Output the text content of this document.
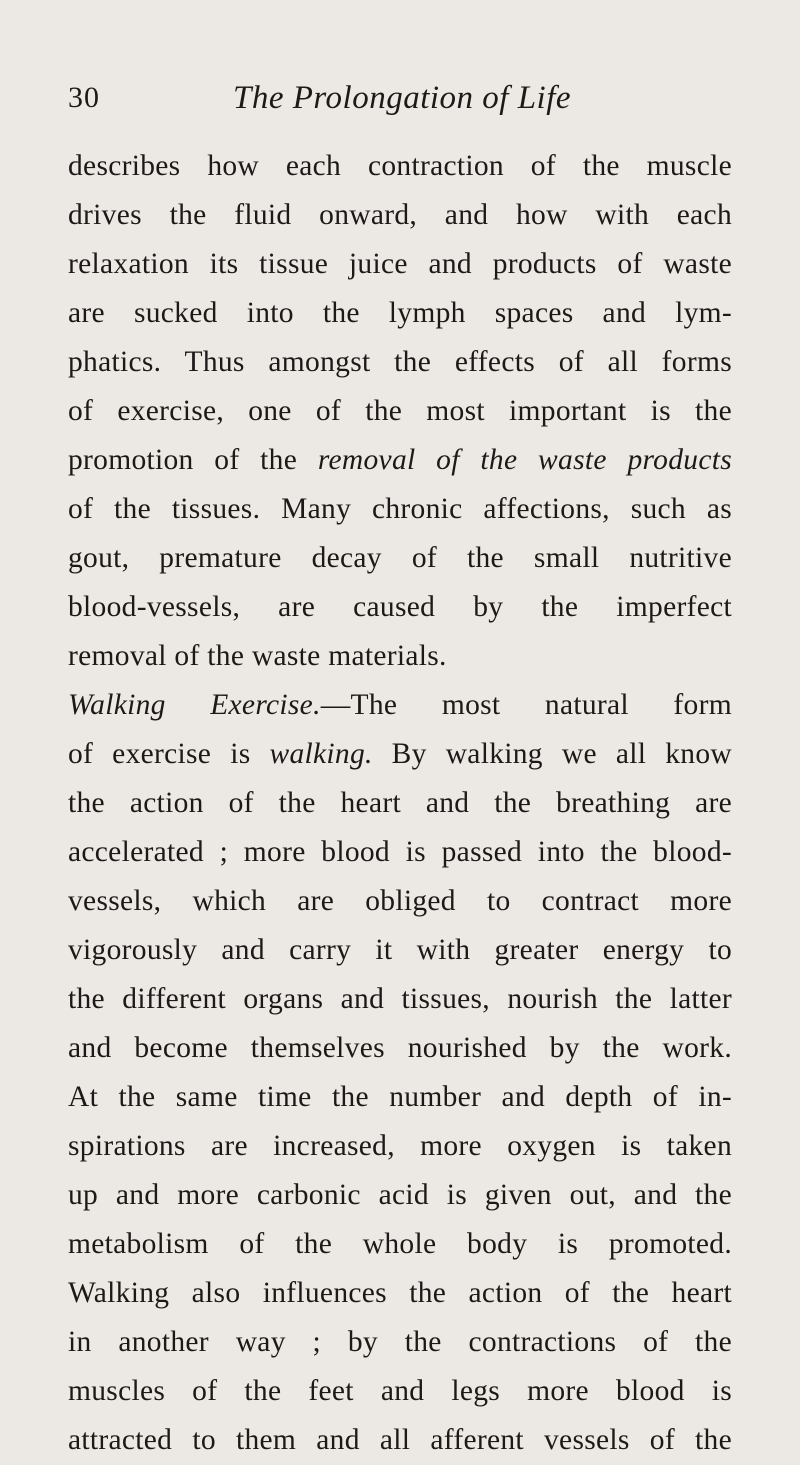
30	The Prolongation of Life
describes how each contraction of the muscle
drives the fluid onward, and how with each
relaxation its tissue juice and products of waste
are sucked into the lymph spaces and lym-
phatics. Thus amongst the effects of all forms
of exercise, one of the most important is the
promotion of the removal of the waste products
of the tissues. Many chronic affections, such as
gout, premature decay of the small nutritive
blood-vessels, are caused by the imperfect
removal of the waste materials.
Walking Exercise.—The most natural form
of exercise is walking. By walking we all know
the action of the heart and the breathing are
accelerated ; more blood is passed into the blood-
vessels, which are obliged to contract more
vigorously and carry it with greater energy to
the different organs and tissues, nourish the latter
and become themselves nourished by the work.
At the same time the number and depth of in-
spirations are increased, more oxygen is taken
up and more carbonic acid is given out, and the
metabolism of the whole body is promoted.
Walking also influences the action of the heart
in another way ; by the contractions of the
muscles of the feet and legs more blood is
attracted to them and all afferent vessels of the
